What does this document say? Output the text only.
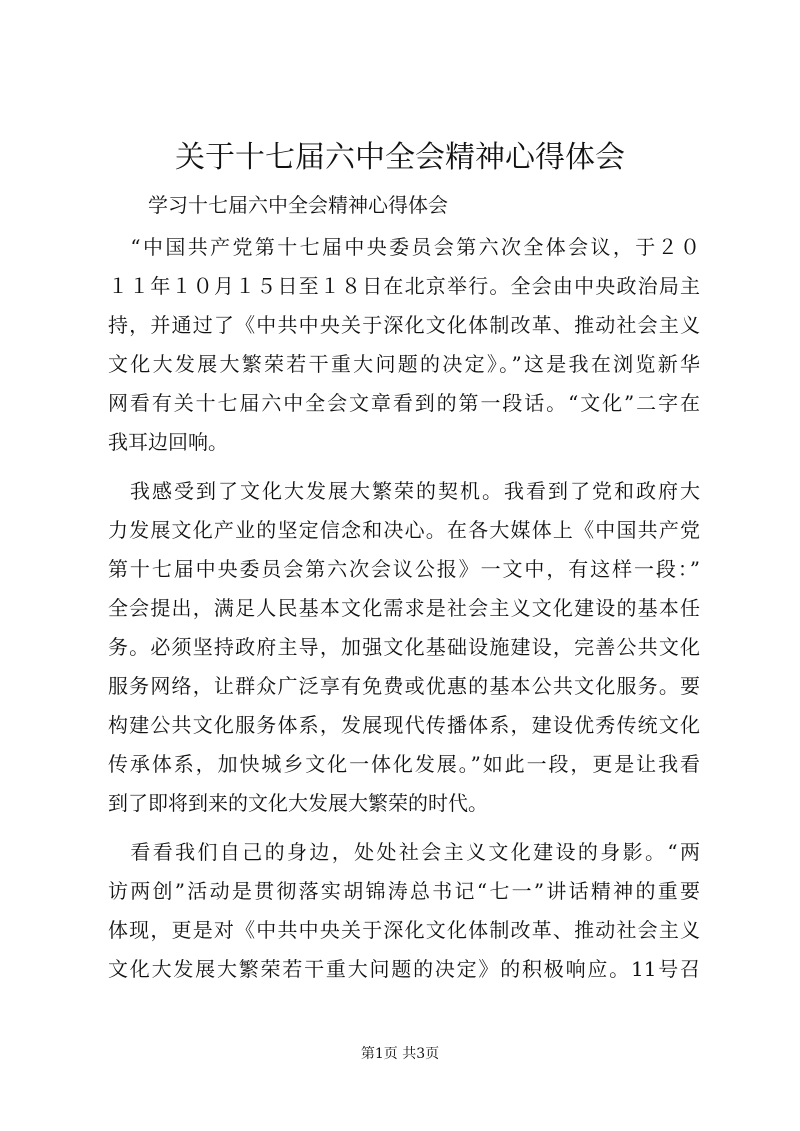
关于十七届六中全会精神心得体会
学习十七届六中全会精神心得体会
　“中国共产党第十七届中央委员会第六次全体会议，于２０
１１年１０月１５日至１８日在北京举行。全会由中央政治局主
持，并通过了《中共中央关于深化文化体制改革、推动社会主义
文化大发展大繁荣若干重大问题的决定》。”这是我在浏览新华
网看有关十七届六中全会文章看到的第一段话。“文化”二字在
我耳边回响。
　我感受到了文化大发展大繁荣的契机。我看到了党和政府大
力发展文化产业的坚定信念和决心。在各大媒体上《中国共产党
第十七届中央委员会第六次会议公报》一文中，有这样一段：”
全会提出，满足人民基本文化需求是社会主义文化建设的基本任
务。必须坚持政府主导，加强文化基础设施建设，完善公共文化
服务网络，让群众广泛享有免费或优惠的基本公共文化服务。要
构建公共文化服务体系，发展现代传播体系，建设优秀传统文化
传承体系，加快城乡文化一体化发展。”如此一段，更是让我看
到了即将到来的文化大发展大繁荣的时代。
　看看我们自己的身边，处处社会主义文化建设的身影。“两
访两创”活动是贯彻落实胡锦涛总书记“七一”讲话精神的重要
体现，更是对《中共中央关于深化文化体制改革、推动社会主义
文化大发展大繁荣若干重大问题的决定》的积极响应。11号召
第1页 共3页
